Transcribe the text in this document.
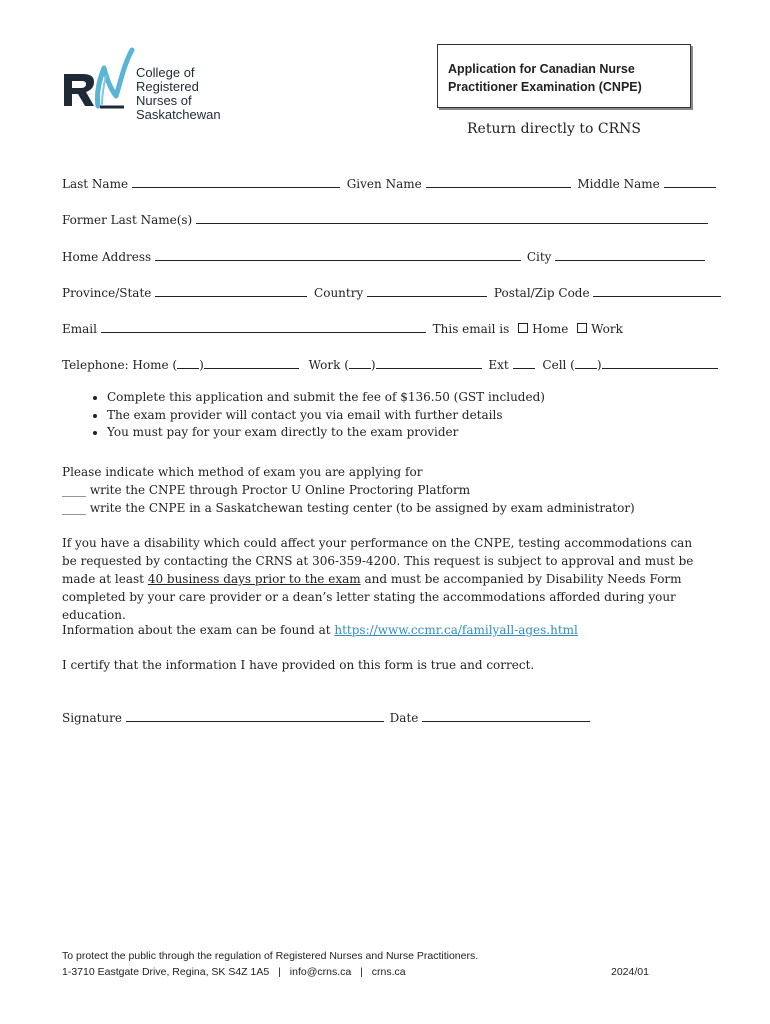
College of
Registered
Nurses of
Saskatchewan
Application for Canadian Nurse
Practitioner Examination (CNPE)
Return directly to CRNS
Last Name	Given Name	Middle Name
Former Last Name(s)
Home Address	City
Province/State	Country	Postal/Zip Code
Email	This email is Home Work
Telephone: Home ( )	Work ( )	Ext	Cell ( )
• Complete this application and submit the fee of $136.50 (GST included)
• The exam provider will contact you via email with further details
• You must pay for your exam directly to the exam provider
Please indicate which method of exam you are applying for
____ write the CNPE through Proctor U Online Proctoring Platform
____ write the CNPE in a Saskatchewan testing center (to be assigned by exam administrator)
If you have a disability which could affect your performance on the CNPE, testing accommodations can be requested by contacting the CRNS at 306-359-4200. This request is subject to approval and must be made at least 40 business days prior to the exam and must be accompanied by Disability Needs Form completed by your care provider or a dean’s letter stating the accommodations afforded during your education.
Information about the exam can be found at https://www.ccmr.ca/familyall-ages.html
I certify that the information I have provided on this form is true and correct.
Signature	Date
To protect the public through the regulation of Registered Nurses and Nurse Practitioners.
1-3710 Eastgate Drive, Regina, SK S4Z 1A5 | info@crns.ca | crns.ca	2024/01
